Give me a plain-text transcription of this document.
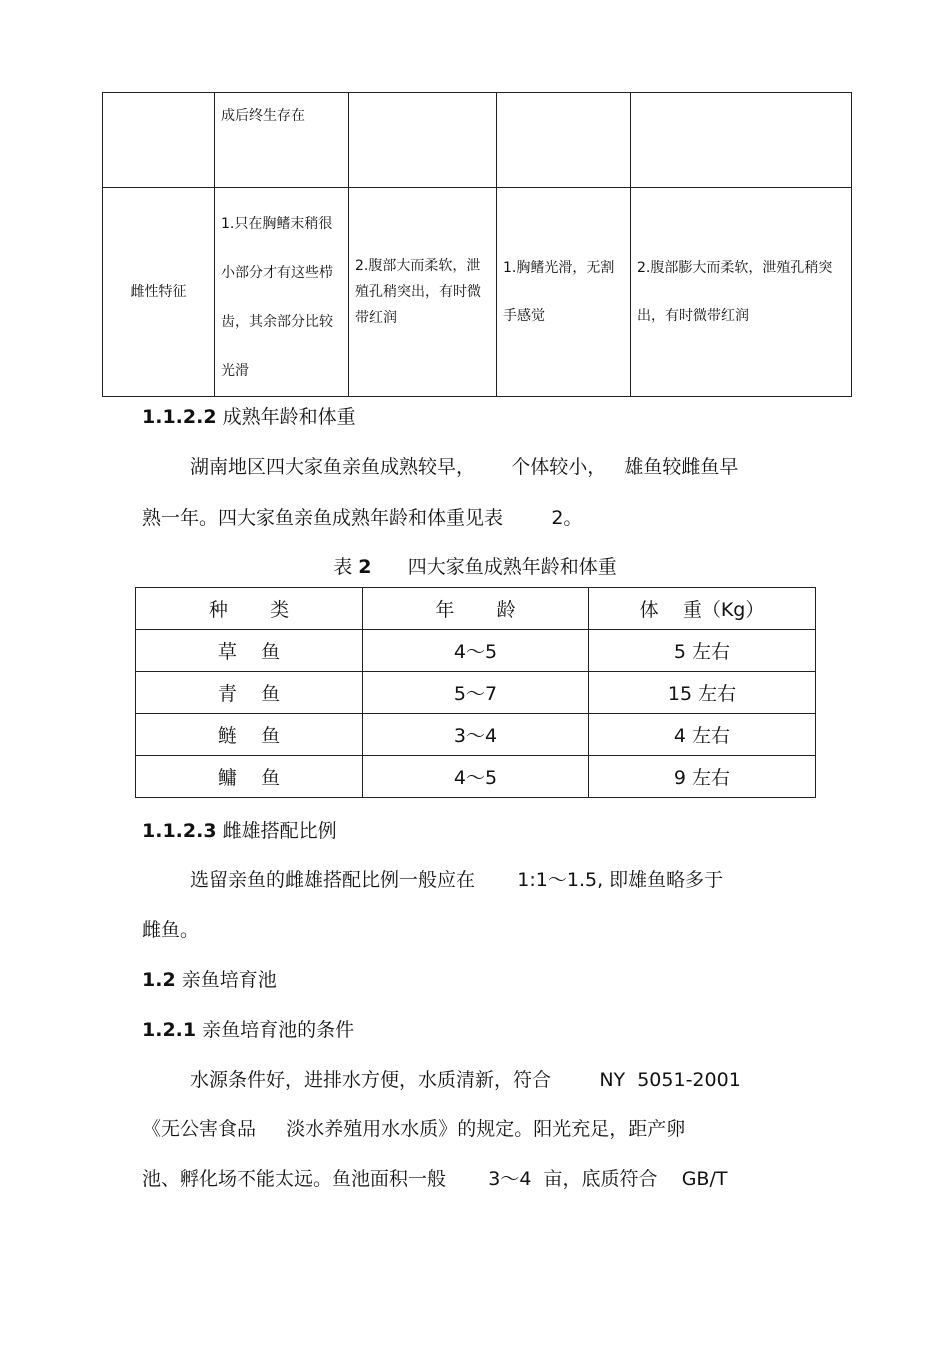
	成后终生存在			
雌性特征	1.只在胸鳍末稍很小部分才有这些栉齿，其余部分比较光滑	2.腹部大而柔软，泄殖孔稍突出，有时微带红润	1.胸鳍光滑，无割手感觉	2.腹部膨大而柔软，泄殖孔稍突出，有时微带红润
1.1.2.2 成熟年龄和体重
湖南地区四大家鱼亲鱼成熟较早，      个体较小，   雄鱼较雌鱼早
熟一年。四大家鱼亲鱼成熟年龄和体重见表        2。
表 2      四大家鱼成熟年龄和体重
种       类	年       龄	体    重（Kg）
草    鱼	4～5	5 左右
青    鱼	5～7	15 左右
鲢    鱼	3～4	4 左右
鳙    鱼	4～5	9 左右
1.1.2.3 雌雄搭配比例
选留亲鱼的雌雄搭配比例一般应在       1:1～1.5, 即雄鱼略多于
雌鱼。
1.2 亲鱼培育池
1.2.1 亲鱼培育池的条件
水源条件好，进排水方便，水质清新，符合        NY  5051-2001
《无公害食品     淡水养殖用水水质》的规定。阳光充足，距产卵
池、孵化场不能太远。鱼池面积一般       3～4  亩，底质符合    GB/T
